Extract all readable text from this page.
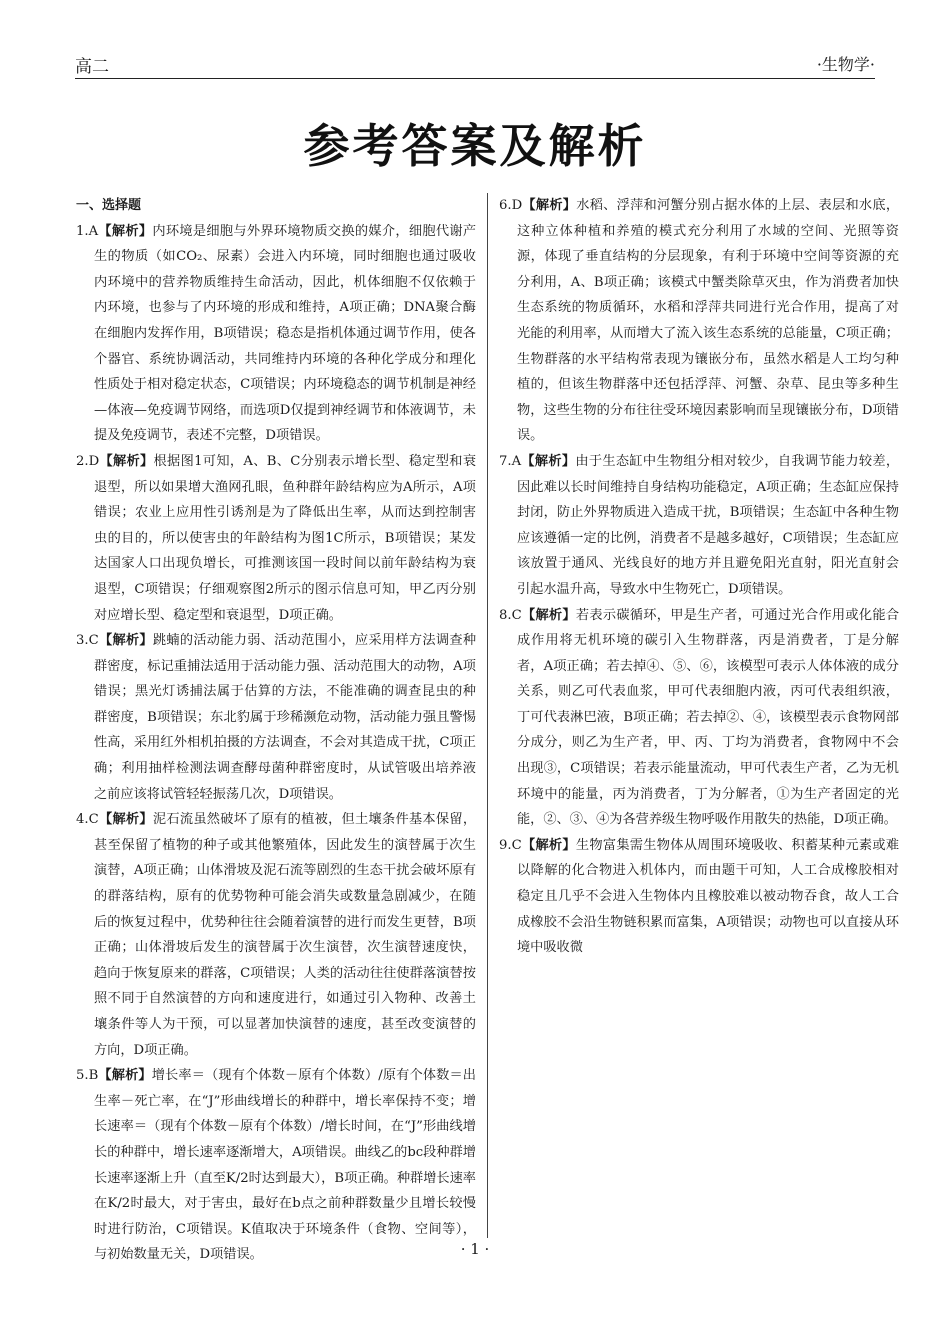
高二	·生物学·
参考答案及解析

一、选择题

1.A【解析】内环境是细胞与外界环境物质交换的媒介，细胞代谢产生的物质（如CO₂、尿素）会进入内环境，同时细胞也通过吸收内环境中的营养物质维持生命活动，因此，机体细胞不仅依赖于内环境，也参与了内环境的形成和维持，A项正确；DNA聚合酶在细胞内发挥作用，B项错误；稳态是指机体通过调节作用，使各个器官、系统协调活动，共同维持内环境的各种化学成分和理化性质处于相对稳定状态，C项错误；内环境稳态的调节机制是神经—体液—免疫调节网络，而选项D仅提到神经调节和体液调节，未提及免疫调节，表述不完整，D项错误。

2.D【解析】根据图1可知，A、B、C分别表示增长型、稳定型和衰退型，所以如果增大渔网孔眼，鱼种群年龄结构应为A所示，A项错误；农业上应用性引诱剂是为了降低出生率，从而达到控制害虫的目的，所以使害虫的年龄结构为图1C所示，B项错误；某发达国家人口出现负增长，可推测该国一段时间以前年龄结构为衰退型，C项错误；仔细观察图2所示的图示信息可知，甲乙丙分别对应增长型、稳定型和衰退型，D项正确。

3.C【解析】跳蝻的活动能力弱、活动范围小，应采用样方法调查种群密度，标记重捕法适用于活动能力强、活动范围大的动物，A项错误；黑光灯诱捕法属于估算的方法，不能准确的调查昆虫的种群密度，B项错误；东北豹属于珍稀濒危动物，活动能力强且警惕性高，采用红外相机拍摄的方法调查，不会对其造成干扰，C项正确；利用抽样检测法调查酵母菌种群密度时，从试管吸出培养液之前应该将试管轻轻振荡几次，D项错误。

4.C【解析】泥石流虽然破坏了原有的植被，但土壤条件基本保留，甚至保留了植物的种子或其他繁殖体，因此发生的演替属于次生演替，A项正确；山体滑坡及泥石流等剧烈的生态干扰会破坏原有的群落结构，原有的优势物种可能会消失或数量急剧减少，在随后的恢复过程中，优势种往往会随着演替的进行而发生更替，B项正确；山体滑坡后发生的演替属于次生演替，次生演替速度快，趋向于恢复原来的群落，C项错误；人类的活动往往使群落演替按照不同于自然演替的方向和速度进行，如通过引入物种、改善土壤条件等人为干预，可以显著加快演替的速度，甚至改变演替的方向，D项正确。

5.B【解析】增长率＝（现有个体数－原有个体数）/原有个体数＝出生率－死亡率，在“J”形曲线增长的种群中，增长率保持不变；增长速率＝（现有个体数－原有个体数）/增长时间，在“J”形曲线增长的种群中，增长速率逐渐增大，A项错误。曲线乙的bc段种群增长速率逐渐上升（直至K/2时达到最大），B项正确。种群增长速率在K/2时最大，对于害虫，最好在b点之前种群数量少且增长较慢时进行防治，C项错误。K值取决于环境条件（食物、空间等），与初始数量无关，D项错误。

6.D【解析】水稻、浮萍和河蟹分别占据水体的上层、表层和水底，这种立体种植和养殖的模式充分利用了水域的空间、光照等资源，体现了垂直结构的分层现象，有利于环境中空间等资源的充分利用，A、B项正确；该模式中蟹类除草灭虫，作为消费者加快生态系统的物质循环，水稻和浮萍共同进行光合作用，提高了对光能的利用率，从而增大了流入该生态系统的总能量，C项正确；生物群落的水平结构常表现为镶嵌分布，虽然水稻是人工均匀种植的，但该生物群落中还包括浮萍、河蟹、杂草、昆虫等多种生物，这些生物的分布往往受环境因素影响而呈现镶嵌分布，D项错误。

7.A【解析】由于生态缸中生物组分相对较少，自我调节能力较差，因此难以长时间维持自身结构功能稳定，A项正确；生态缸应保持封闭，防止外界物质进入造成干扰，B项错误；生态缸中各种生物应该遵循一定的比例，消费者不是越多越好，C项错误；生态缸应该放置于通风、光线良好的地方并且避免阳光直射，阳光直射会引起水温升高，导致水中生物死亡，D项错误。

8.C【解析】若表示碳循环，甲是生产者，可通过光合作用或化能合成作用将无机环境的碳引入生物群落，丙是消费者，丁是分解者，A项正确；若去掉④、⑤、⑥，该模型可表示人体体液的成分关系，则乙可代表血浆，甲可代表细胞内液，丙可代表组织液，丁可代表淋巴液，B项正确；若去掉②、④，该模型表示食物网部分成分，则乙为生产者，甲、丙、丁均为消费者，食物网中不会出现③，C项错误；若表示能量流动，甲可代表生产者，乙为无机环境中的能量，丙为消费者，丁为分解者，①为生产者固定的光能，②、③、④为各营养级生物呼吸作用散失的热能，D项正确。

9.C【解析】生物富集需生物体从周围环境吸收、积蓄某种元素或难以降解的化合物进入机体内，而由题干可知，人工合成橡胶相对稳定且几乎不会进入生物体内且橡胶难以被动物吞食，故人工合成橡胶不会沿生物链积累而富集，A项错误；动物也可以直接从环境中吸收微

· 1 ·
